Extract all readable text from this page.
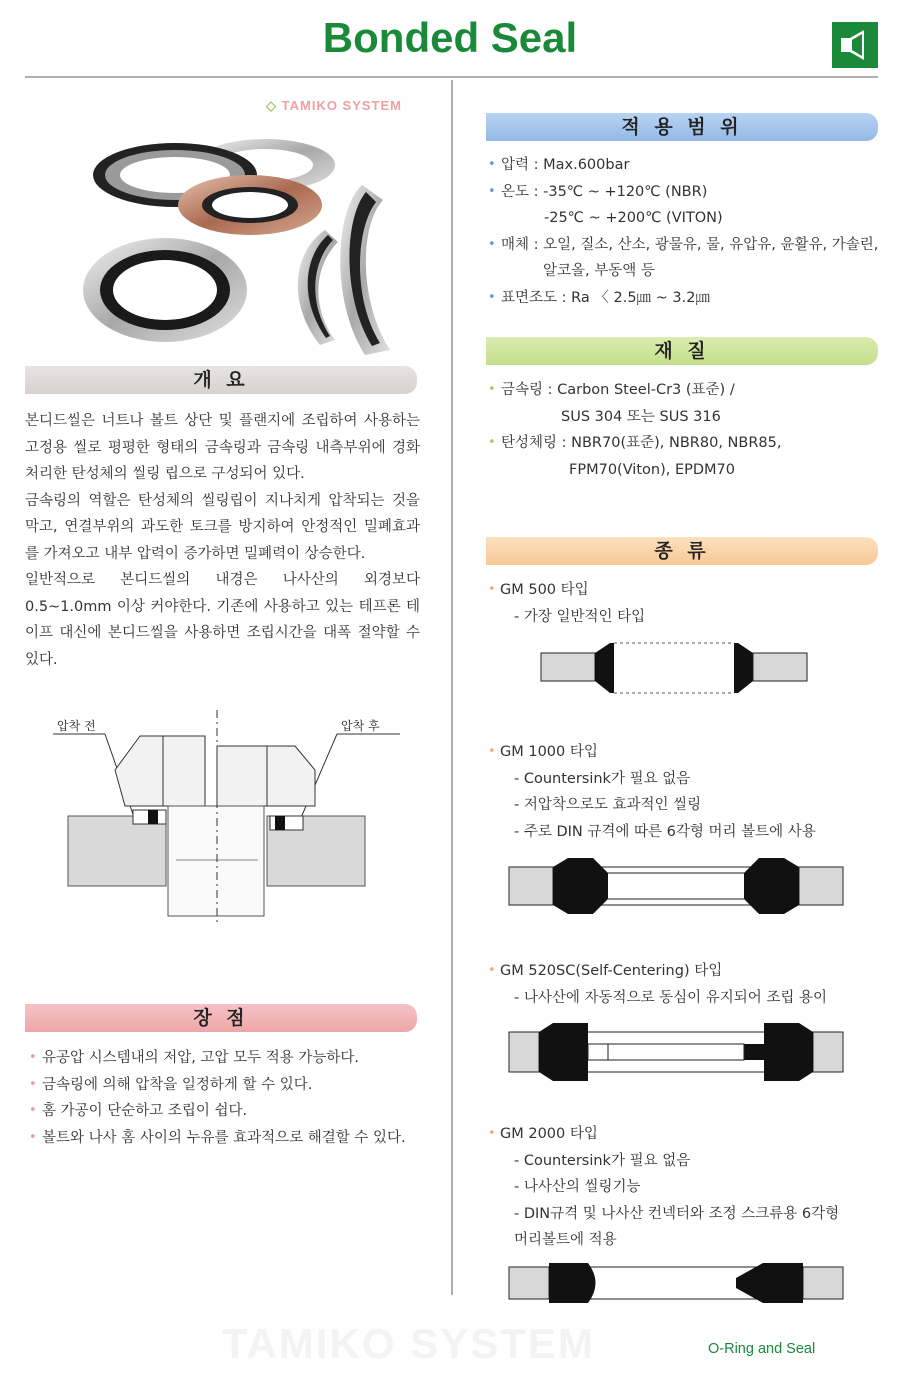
Bonded Seal
◇ TAMIKO SYSTEM
개 요

본디드씰은 너트나 볼트 상단 및 플랜지에 조립하여 사용하는 고정용 씰로 평평한 형태의 금속링과 금속링 내측부위에 경화 처리한 탄성체의 씰링 립으로 구성되어 있다.

금속링의 역할은 탄성체의 씰링립이 지나치게 압착되는 것을 막고, 연결부위의 과도한 토크를 방지하여 안정적인 밀폐효과를 가져오고 내부 압력이 증가하면 밀폐력이 상승한다.

일반적으로 본디드씰의 내경은 나사산의 외경보다 0.5~1.0mm 이상 커야한다. 기존에 사용하고 있는 테프론 테이프 대신에 본디드씰을 사용하면 조립시간을 대폭 절약할 수 있다.

압착 전	압착 후
장 점
• 유공압 시스템내의 저압, 고압 모두 적용 가능하다.
• 금속링에 의해 압착을 일정하게 할 수 있다.
• 홈 가공이 단순하고 조립이 쉽다.
• 볼트와 나사 홈 사이의 누유를 효과적으로 해결할 수 있다.
적 용 범 위
• 압력 : Max.600bar
• 온도 : -35℃ ~ +120℃ (NBR)
-25℃ ~ +200℃ (VITON)
• 매체 : 오일, 질소, 산소, 광물유, 물, 유압유, 윤활유, 가솔린,
알코올, 부동액 등
• 표면조도 : Ra 〈 2.5㎛ ~ 3.2㎛
재 질
• 금속링 : Carbon Steel-Cr3 (표준) /
SUS 304 또는 SUS 316
• 탄성체링 : NBR70(표준), NBR80, NBR85,
FPM70(Viton), EPDM70
종 류
• GM 500 타입
- 가장 일반적인 타입
• GM 1000 타입
- Countersink가 필요 없음
- 저압착으로도 효과적인 씰링
- 주로 DIN 규격에 따른 6각형 머리 볼트에 사용
• GM 520SC(Self-Centering) 타입
- 나사산에 자동적으로 동심이 유지되어 조립 용이
• GM 2000 타입
- Countersink가 필요 없음
- 나사산의 씰링기능
- DIN규격 및 나사산 컨넥터와 조정 스크류용 6각형
머리볼트에 적용
TAMIKO SYSTEM	O-Ring and Seal
